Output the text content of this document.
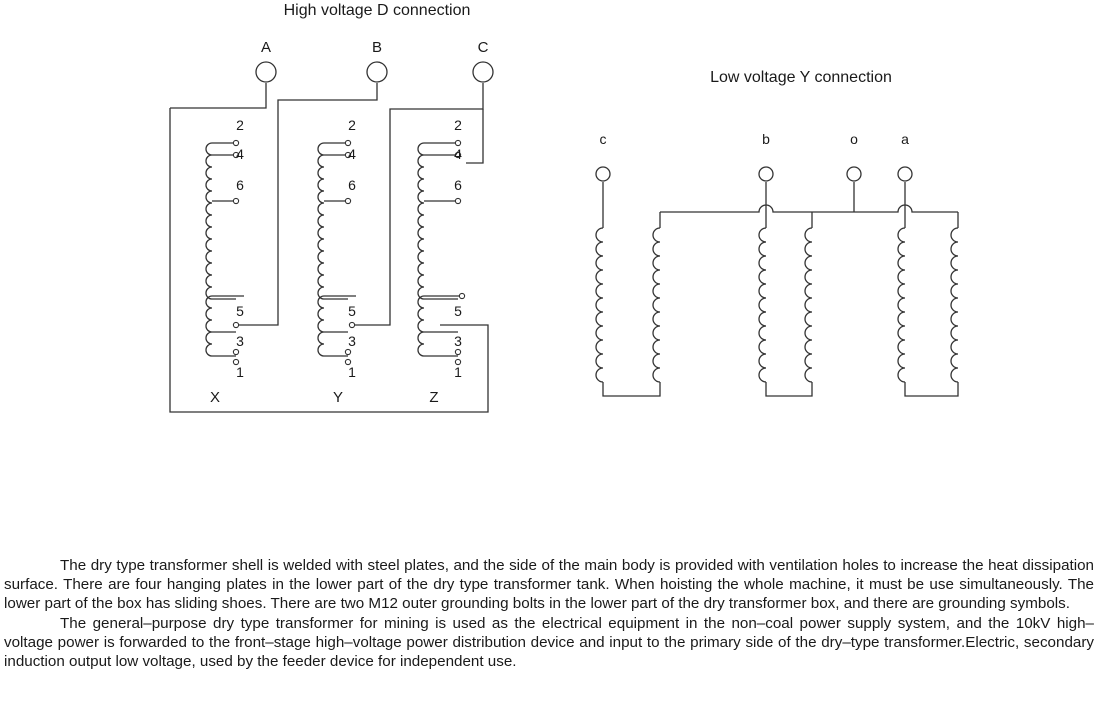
High voltage D connection
A	B	C
2
4
6
5
3
1
X
2
4
6
5
3
1
Y
2
4
6
5
3
1
Z
Low voltage Y connection
c	b	o	a

The dry type transformer shell is welded with steel plates, and the side of the main body is provided with ventilation holes to increase the heat dissipation surface. There are four hanging plates in the lower part of the dry type transformer tank. When hoisting the whole machine, it must be use simultaneously. The lower part of the box has sliding shoes. There are two M12 outer grounding bolts in the lower part of the dry transformer box, and there are grounding symbols.

The general–purpose dry type transformer for mining is used as the electrical equipment in the non–coal power supply system, and the 10kV high–voltage power is forwarded to the front–stage high–voltage power distribution device and input to the primary side of the dry–type transformer.Electric, secondary induction output low voltage, used by the feeder device for independent use.
